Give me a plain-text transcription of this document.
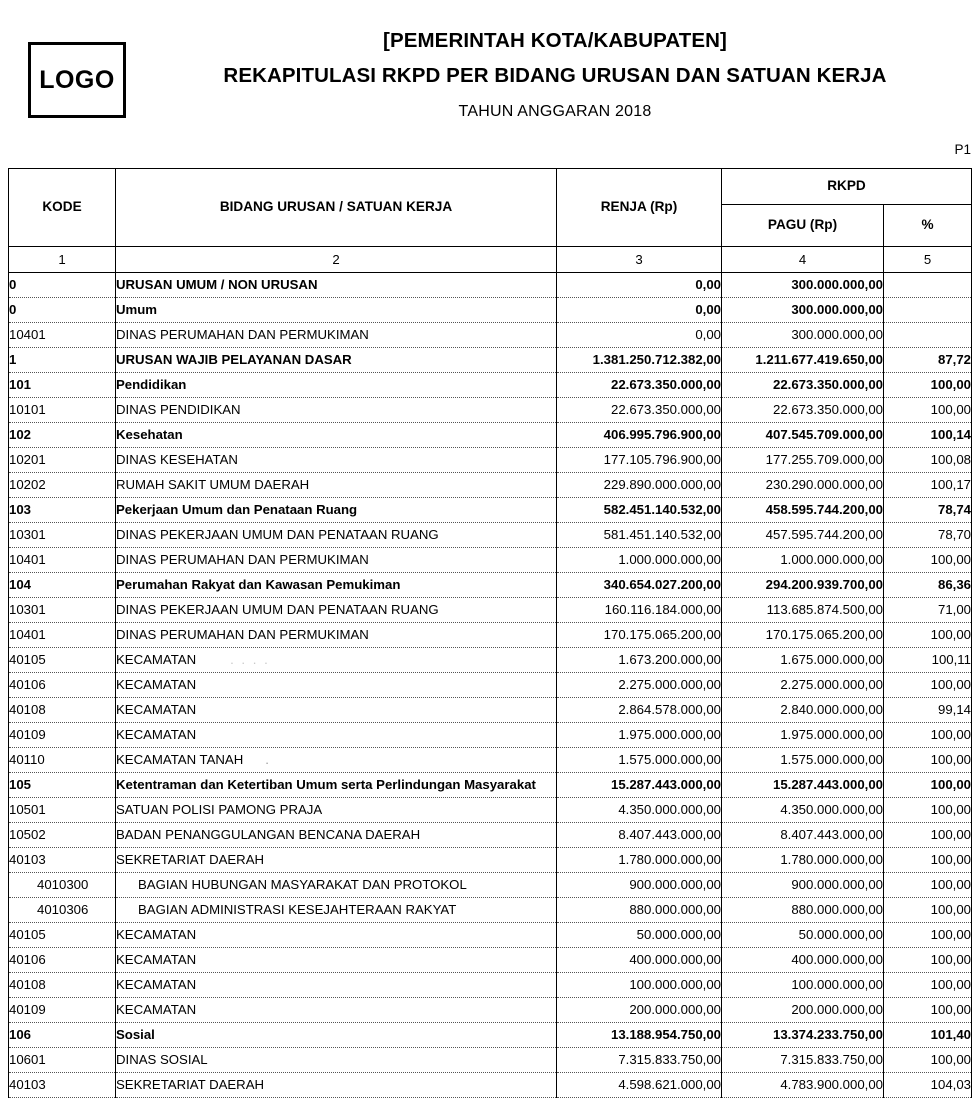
LOGO
[PEMERINTAH KOTA/KABUPATEN]
REKAPITULASI RKPD PER BIDANG URUSAN DAN SATUAN KERJA
TAHUN ANGGARAN 2018
P1
KODE	BIDANG URUSAN / SATUAN KERJA	RENJA (Rp)	RKPD	
			PAGU (Rp)	%
1	2	3	4	5
0	URUSAN UMUM / NON URUSAN	0,00	300.000.000,00	
0	Umum	0,00	300.000.000,00	
10401	DINAS PERUMAHAN DAN PERMUKIMAN	0,00	300.000.000,00	
1	URUSAN WAJIB PELAYANAN DASAR	1.381.250.712.382,00	1.211.677.419.650,00	87,72
101	Pendidikan	22.673.350.000,00	22.673.350.000,00	100,00
10101	DINAS PENDIDIKAN	22.673.350.000,00	22.673.350.000,00	100,00
102	Kesehatan	406.995.796.900,00	407.545.709.000,00	100,14
10201	DINAS KESEHATAN	177.105.796.900,00	177.255.709.000,00	100,08
10202	RUMAH SAKIT UMUM DAERAH	229.890.000.000,00	230.290.000.000,00	100,17
103	Pekerjaan Umum dan Penataan Ruang	582.451.140.532,00	458.595.744.200,00	78,74
10301	DINAS PEKERJAAN UMUM DAN PENATAAN RUANG	581.451.140.532,00	457.595.744.200,00	78,70
10401	DINAS PERUMAHAN DAN PERMUKIMAN	1.000.000.000,00	1.000.000.000,00	100,00
104	Perumahan Rakyat dan Kawasan Pemukiman	340.654.027.200,00	294.200.939.700,00	86,36
10301	DINAS PEKERJAAN UMUM DAN PENATAAN RUANG	160.116.184.000,00	113.685.874.500,00	71,00
10401	DINAS PERUMAHAN DAN PERMUKIMAN	170.175.065.200,00	170.175.065.200,00	100,00
40105	KECAMATAN      . . . .	1.673.200.000,00	1.675.000.000,00	100,11
40106	KECAMATAN	2.275.000.000,00	2.275.000.000,00	100,00
40108	KECAMATAN	2.864.578.000,00	2.840.000.000,00	99,14
40109	KECAMATAN	1.975.000.000,00	1.975.000.000,00	100,00
40110	KECAMATAN TANAH      .	1.575.000.000,00	1.575.000.000,00	100,00
105	Ketentraman dan Ketertiban Umum serta Perlindungan Masyarakat	15.287.443.000,00	15.287.443.000,00	100,00
10501	SATUAN POLISI PAMONG PRAJA	4.350.000.000,00	4.350.000.000,00	100,00
10502	BADAN PENANGGULANGAN BENCANA DAERAH	8.407.443.000,00	8.407.443.000,00	100,00
40103	SEKRETARIAT DAERAH	1.780.000.000,00	1.780.000.000,00	100,00
4010300	BAGIAN HUBUNGAN MASYARAKAT DAN PROTOKOL	900.000.000,00	900.000.000,00	100,00
4010306	BAGIAN ADMINISTRASI KESEJAHTERAAN RAKYAT	880.000.000,00	880.000.000,00	100,00
40105	KECAMATAN	50.000.000,00	50.000.000,00	100,00
40106	KECAMATAN	400.000.000,00	400.000.000,00	100,00
40108	KECAMATAN	100.000.000,00	100.000.000,00	100,00
40109	KECAMATAN	200.000.000,00	200.000.000,00	100,00
106	Sosial	13.188.954.750,00	13.374.233.750,00	101,40
10601	DINAS SOSIAL	7.315.833.750,00	7.315.833.750,00	100,00
40103	SEKRETARIAT DAERAH	4.598.621.000,00	4.783.900.000,00	104,03
